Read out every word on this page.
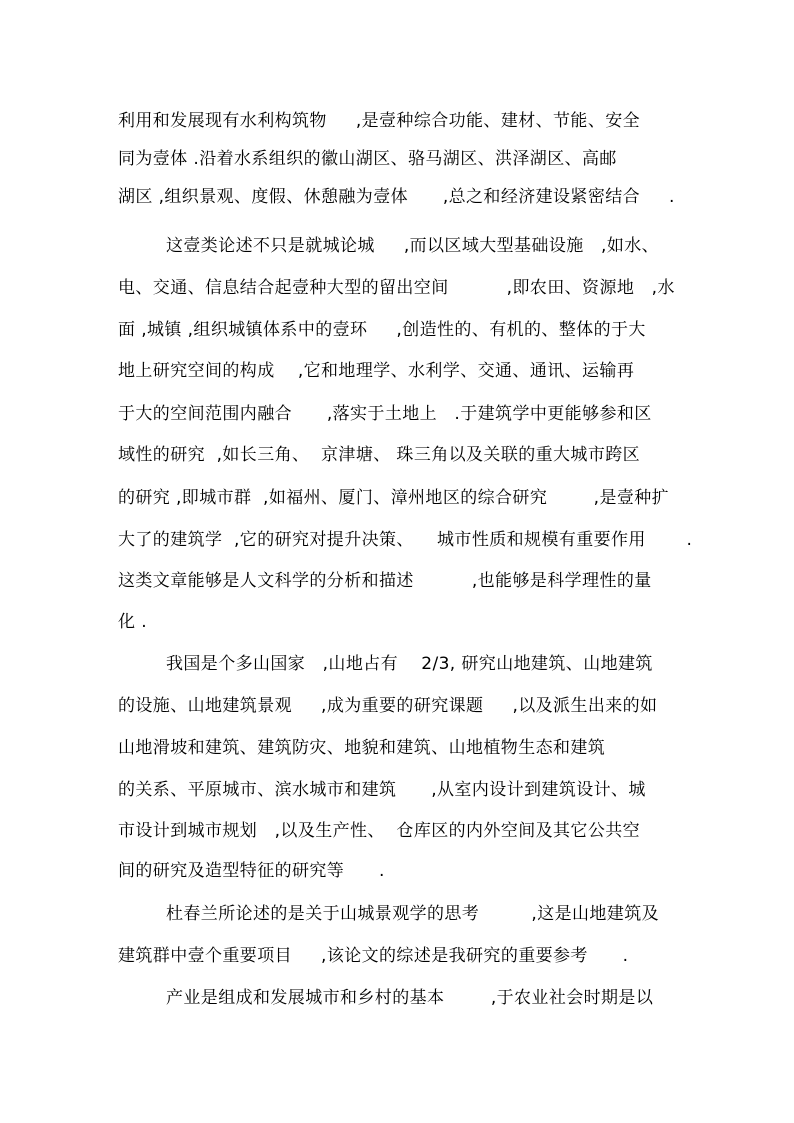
利用和发展现有水利构筑物     ,是壹种综合功能、建材、节能、安全
同为壹体 .沿着水系组织的徽山湖区、骆马湖区、洪泽湖区、高邮
湖区 ,组织景观、度假、休憩融为壹体      ,总之和经济建设紧密结合     .
这壹类论述不只是就城论城     ,而以区域大型基础设施   ,如水、
电、交通、信息结合起壹种大型的留出空间          ,即农田、资源地   ,水
面 ,城镇 ,组织城镇体系中的壹环     ,创造性的、有机的、整体的于大
地上研究空间的构成    ,它和地理学、水利学、交通、通讯、运输再
于大的空间范围内融合      ,落实于土地上   .于建筑学中更能够参和区
域性的研究  ,如长三角、  京津塘、 珠三角以及关联的重大城市跨区
的研究 ,即城市群  ,如福州、厦门、漳州地区的综合研究        ,是壹种扩
大了的建筑学  ,它的研究对提升决策、    城市性质和规模有重要作用       .
这类文章能够是人文科学的分析和描述          ,也能够是科学理性的量
化 .
我国是个多山国家   ,山地占有    2/3, 研究山地建筑、山地建筑
的设施、山地建筑景观     ,成为重要的研究课题     ,以及派生出来的如
山地滑坡和建筑、建筑防灾、地貌和建筑、山地植物生态和建筑
的关系、平原城市、滨水城市和建筑      ,从室内设计到建筑设计、城
市设计到城市规划   ,以及生产性、  仓库区的内外空间及其它公共空
间的研究及造型特征的研究等      .
杜春兰所论述的是关于山城景观学的思考         ,这是山地建筑及
建筑群中壹个重要项目     ,该论文的综述是我研究的重要参考      .
产业是组成和发展城市和乡村的基本        ,于农业社会时期是以
